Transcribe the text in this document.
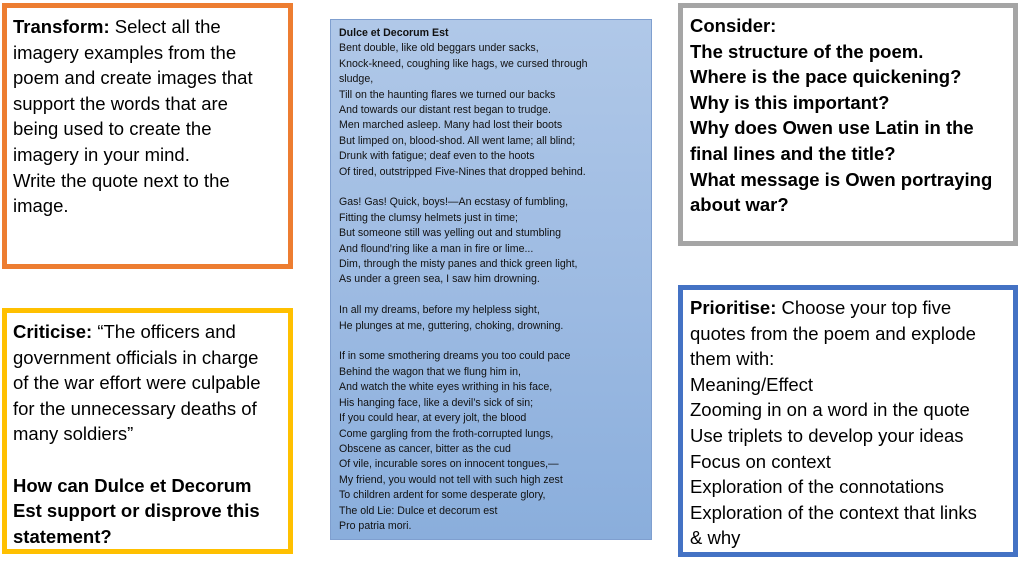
Transform: Select all the
imagery examples from the
poem and create images that
support the words that are
being used to create the
imagery in your mind.
Write the quote next to the
image.
Criticise: “The officers and
government officials in charge
of the war effort were culpable
for the unnecessary deaths of
many soldiers”
How can Dulce et Decorum
Est support or disprove this
statement?
Dulce et Decorum Est
Bent double, like old beggars under sacks,
Knock-kneed, coughing like hags, we cursed through
sludge,
Till on the haunting flares we turned our backs
And towards our distant rest began to trudge.
Men marched asleep. Many had lost their boots
But limped on, blood-shod. All went lame; all blind;
Drunk with fatigue; deaf even to the hoots
Of tired, outstripped Five-Nines that dropped behind.
Gas! Gas! Quick, boys!—An ecstasy of fumbling,
Fitting the clumsy helmets just in time;
But someone still was yelling out and stumbling
And flound’ring like a man in fire or lime...
Dim, through the misty panes and thick green light,
As under a green sea, I saw him drowning.
In all my dreams, before my helpless sight,
He plunges at me, guttering, choking, drowning.
If in some smothering dreams you too could pace
Behind the wagon that we flung him in,
And watch the white eyes writhing in his face,
His hanging face, like a devil’s sick of sin;
If you could hear, at every jolt, the blood
Come gargling from the froth-corrupted lungs,
Obscene as cancer, bitter as the cud
Of vile, incurable sores on innocent tongues,—
My friend, you would not tell with such high zest
To children ardent for some desperate glory,
The old Lie: Dulce et decorum est
Pro patria mori.
Consider:
The structure of the poem.
Where is the pace quickening?
Why is this important?
Why does Owen use Latin in the
final lines and the title?
What message is Owen portraying
about war?
Prioritise: Choose your top five
quotes from the poem and explode
them with:
Meaning/Effect
Zooming in on a word in the quote
Use triplets to develop your ideas
Focus on context
Exploration of the connotations
Exploration of the context that links
& why
